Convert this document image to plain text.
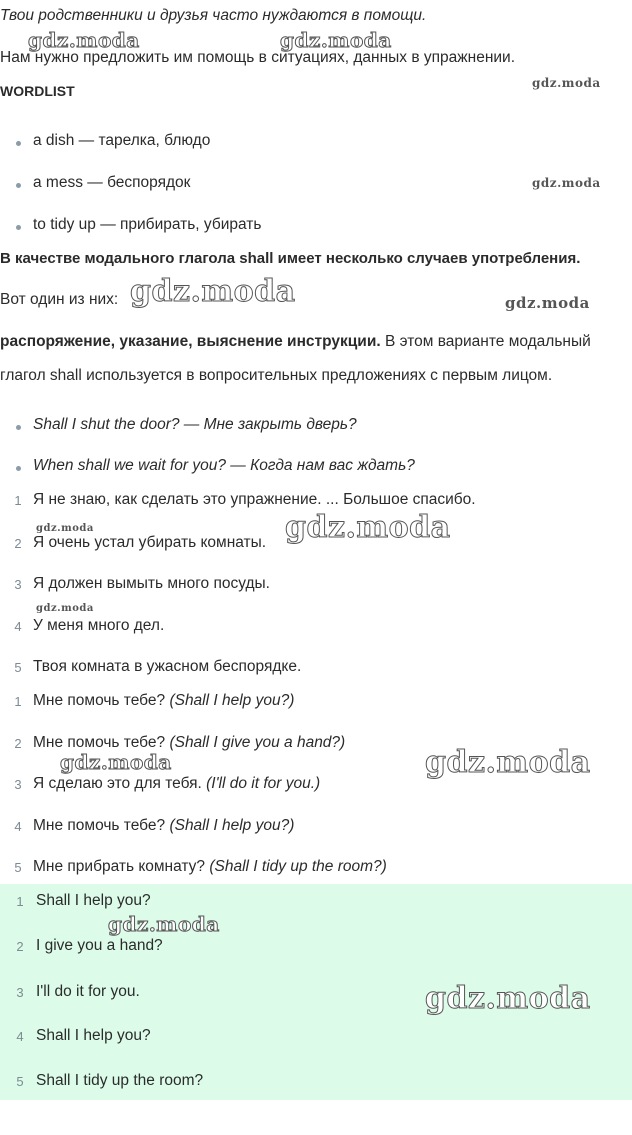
Твои родственники и друзья часто нуждаются в помощи.
Нам нужно предложить им помощь в ситуациях, данных в упражнении.
WORDLIST
a dish — тарелка, блюдо
a mess — беспорядок
to tidy up — прибирать, убирать
В качестве модального глагола shall имеет несколько случаев употребления.
Вот один из них:
распоряжение, указание, выяснение инструкции. В этом варианте модальный
глагол shall используется в вопросительных предложениях с первым лицом.
Shall I shut the door? — Мне закрыть дверь?
When shall we wait for you? — Когда нам вас ждать?
1 Я не знаю, как сделать это упражнение. ... Большое спасибо.
2 Я очень устал убирать комнаты.
3 Я должен вымыть много посуды.
4 У меня много дел.
5 Твоя комната в ужасном беспорядке.
1 Мне помочь тебе? (Shall I help you?)
2 Мне помочь тебе? (Shall I give you a hand?)
3 Я сделаю это для тебя. (I'll do it for you.)
4 Мне помочь тебе? (Shall I help you?)
5 Мне прибрать комнату? (Shall I tidy up the room?)
1 Shall I help you?
2 I give you a hand?
3 I'll do it for you.
4 Shall I help you?
5 Shall I tidy up the room?
gdz.moda	gdz.moda
gdz.moda
gdz.moda
gdz.moda	gdz.moda
gdz.moda	gdz.moda
gdz.moda
gdz.moda	gdz.moda
gdz.moda
gdz.moda
